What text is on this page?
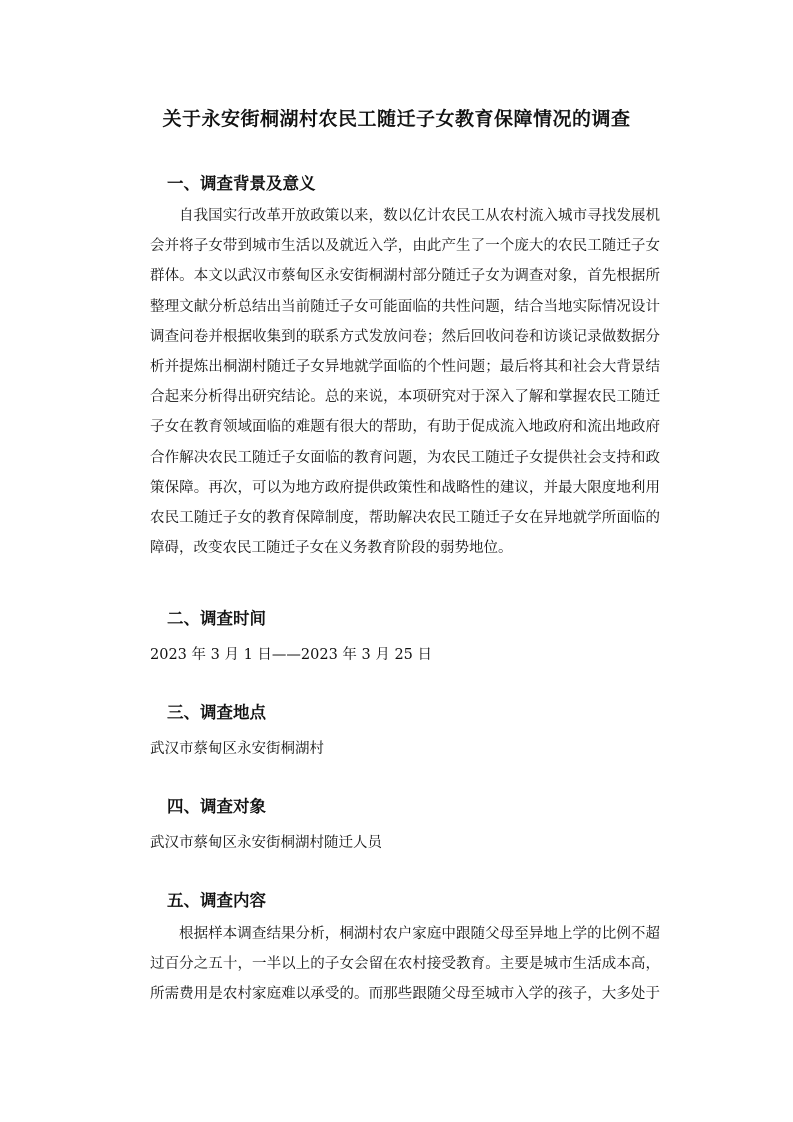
关于永安街桐湖村农民工随迁子女教育保障情况的调查
一、调查背景及意义
自我国实行改革开放政策以来，数以亿计农民工从农村流入城市寻找发展机
会并将子女带到城市生活以及就近入学，由此产生了一个庞大的农民工随迁子女
群体。本文以武汉市蔡甸区永安街桐湖村部分随迁子女为调查对象，首先根据所
整理文献分析总结出当前随迁子女可能面临的共性问题，结合当地实际情况设计
调查问卷并根据收集到的联系方式发放问卷；然后回收问卷和访谈记录做数据分
析并提炼出桐湖村随迁子女异地就学面临的个性问题；最后将其和社会大背景结
合起来分析得出研究结论。总的来说，本项研究对于深入了解和掌握农民工随迁
子女在教育领域面临的难题有很大的帮助，有助于促成流入地政府和流出地政府
合作解决农民工随迁子女面临的教育问题，为农民工随迁子女提供社会支持和政
策保障。再次，可以为地方政府提供政策性和战略性的建议，并最大限度地利用
农民工随迁子女的教育保障制度，帮助解决农民工随迁子女在异地就学所面临的
障碍，改变农民工随迁子女在义务教育阶段的弱势地位。
二、调查时间

2023 年 3 月 1 日——2023 年 3 月 25 日

三、调查地点

武汉市蔡甸区永安街桐湖村

四、调查对象

武汉市蔡甸区永安街桐湖村随迁人员

五、调查内容
根据样本调查结果分析，桐湖村农户家庭中跟随父母至异地上学的比例不超
过百分之五十，一半以上的子女会留在农村接受教育。主要是城市生活成本高，
所需费用是农村家庭难以承受的。而那些跟随父母至城市入学的孩子，大多处于
